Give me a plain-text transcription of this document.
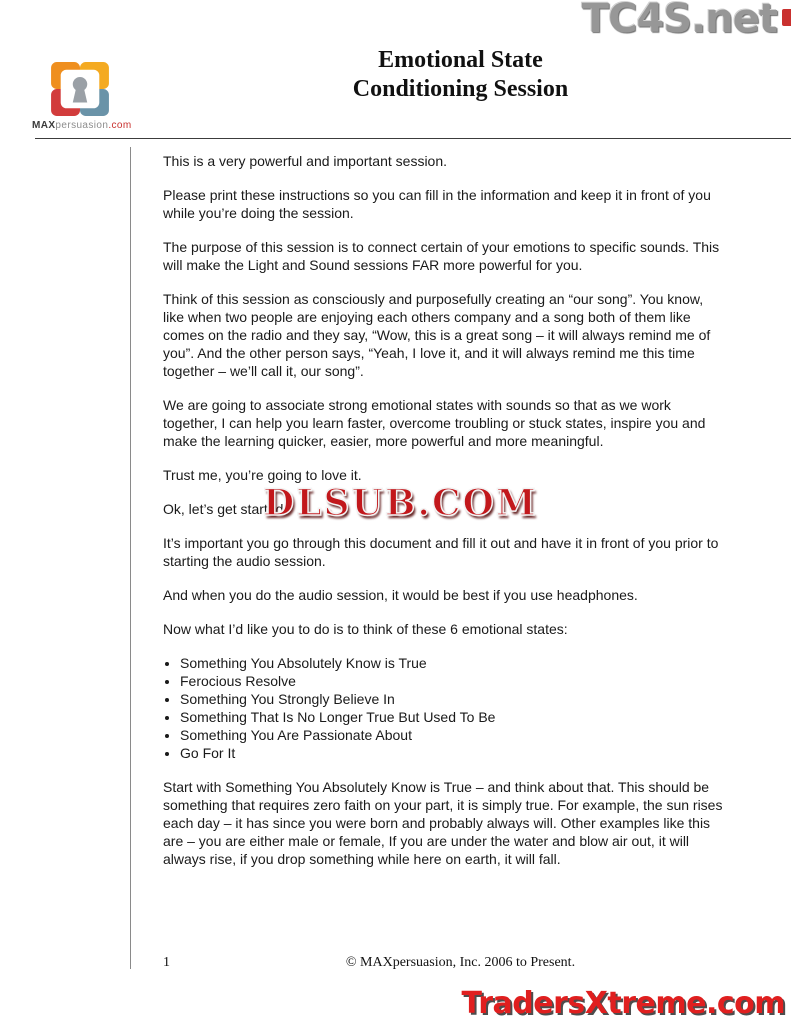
TC4S.net
MAXpersuasion.com
Emotional State
Conditioning Session

This is a very powerful and important session.

Please print these instructions so you can fill in the information and keep it in front of you while you’re doing the session.

The purpose of this session is to connect certain of your emotions to specific sounds. This will make the Light and Sound sessions FAR more powerful for you.

Think of this session as consciously and purposefully creating an “our song”. You know, like when two people are enjoying each others company and a song both of them like comes on the radio and they say, “Wow, this is a great song – it will always remind me of you”. And the other person says, “Yeah, I love it, and it will always remind me this time together – we’ll call it, our song”.

We are going to associate strong emotional states with sounds so that as we work together, I can help you learn faster, overcome troubling or stuck states, inspire you and make the learning quicker, easier, more powerful and more meaningful.

Trust me, you’re going to love it.

Ok, let’s get started.

It’s important you go through this document and fill it out and have it in front of you prior to starting the audio session.

And when you do the audio session, it would be best if you use headphones.

Now what I’d like you to do is to think of these 6 emotional states:

• Something You Absolutely Know is True
• Ferocious Resolve
• Something You Strongly Believe In
• Something That Is No Longer True But Used To Be
• Something You Are Passionate About
• Go For It

Start with Something You Absolutely Know is True – and think about that. This should be something that requires zero faith on your part, it is simply true. For example, the sun rises each day – it has since you were born and probably always will. Other examples like this are – you are either male or female, If you are under the water and blow air out, it will always rise, if you drop something while here on earth, it will fall.

DLSUB.COM
1	© MAXpersuasion, Inc. 2006 to Present.
TradersXtreme.com
